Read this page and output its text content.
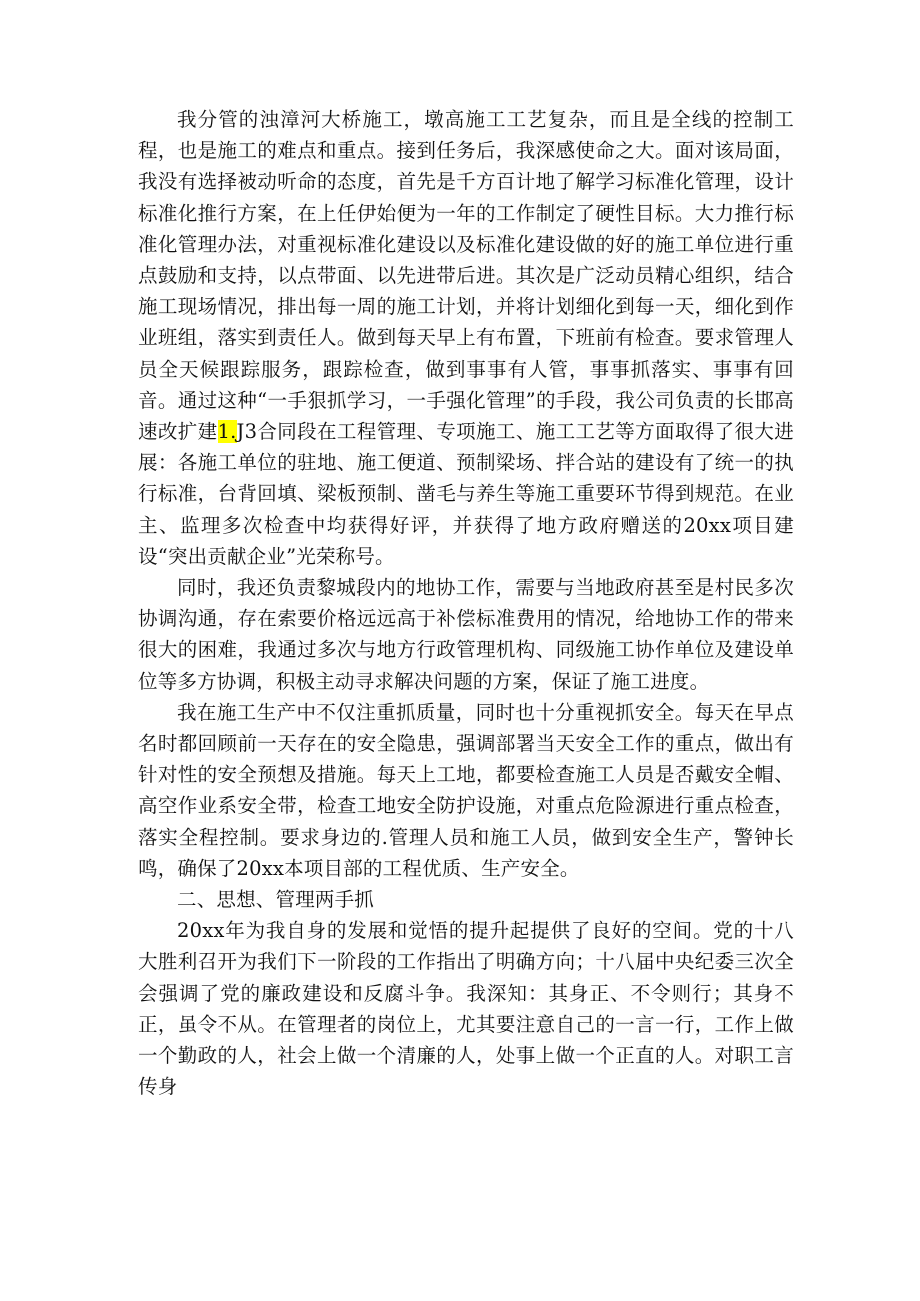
我分管的浊漳河大桥施工，墩高施工工艺复杂，而且是全线的控制工程，也是施工的难点和重点。接到任务后，我深感使命之大。面对该局面，我没有选择被动听命的态度，首先是千方百计地了解学习标准化管理，设计标准化推行方案，在上任伊始便为一年的工作制定了硬性目标。大力推行标准化管理办法，对重视标准化建设以及标准化建设做的好的施工单位进行重点鼓励和支持，以点带面、以先进带后进。其次是广泛动员精心组织，结合施工现场情况，排出每一周的施工计划，并将计划细化到每一天，细化到作业班组，落实到责任人。做到每天早上有布置，下班前有检查。要求管理人员全天候跟踪服务，跟踪检查，做到事事有人管，事事抓落实、事事有回音。通过这种“一手狠抓学习，一手强化管理”的手段，我公司负责的长邯高速改扩建1.J3合同段在工程管理、专项施工、施工工艺等方面取得了很大进展：各施工单位的驻地、施工便道、预制梁场、拌合站的建设有了统一的执行标准，台背回填、梁板预制、凿毛与养生等施工重要环节得到规范。在业主、监理多次检查中均获得好评，并获得了地方政府赠送的20xx项目建设“突出贡献企业”光荣称号。

同时，我还负责黎城段内的地协工作，需要与当地政府甚至是村民多次协调沟通，存在索要价格远远高于补偿标准费用的情况，给地协工作的带来很大的困难，我通过多次与地方行政管理机构、同级施工协作单位及建设单位等多方协调，积极主动寻求解决问题的方案，保证了施工进度。

我在施工生产中不仅注重抓质量，同时也十分重视抓安全。每天在早点名时都回顾前一天存在的安全隐患，强调部署当天安全工作的重点，做出有针对性的安全预想及措施。每天上工地，都要检查施工人员是否戴安全帽、高空作业系安全带，检查工地安全防护设施，对重点危险源进行重点检查，落实全程控制。要求身边的.管理人员和施工人员，做到安全生产，警钟长鸣，确保了20xx本项目部的工程优质、生产安全。

二、思想、管理两手抓

20xx年为我自身的发展和觉悟的提升起提供了良好的空间。党的十八大胜利召开为我们下一阶段的工作指出了明确方向；十八届中央纪委三次全会强调了党的廉政建设和反腐斗争。我深知：其身正、不令则行；其身不正，虽令不从。在管理者的岗位上，尤其要注意自己的一言一行，工作上做一个勤政的人，社会上做一个清廉的人，处事上做一个正直的人。对职工言传身
